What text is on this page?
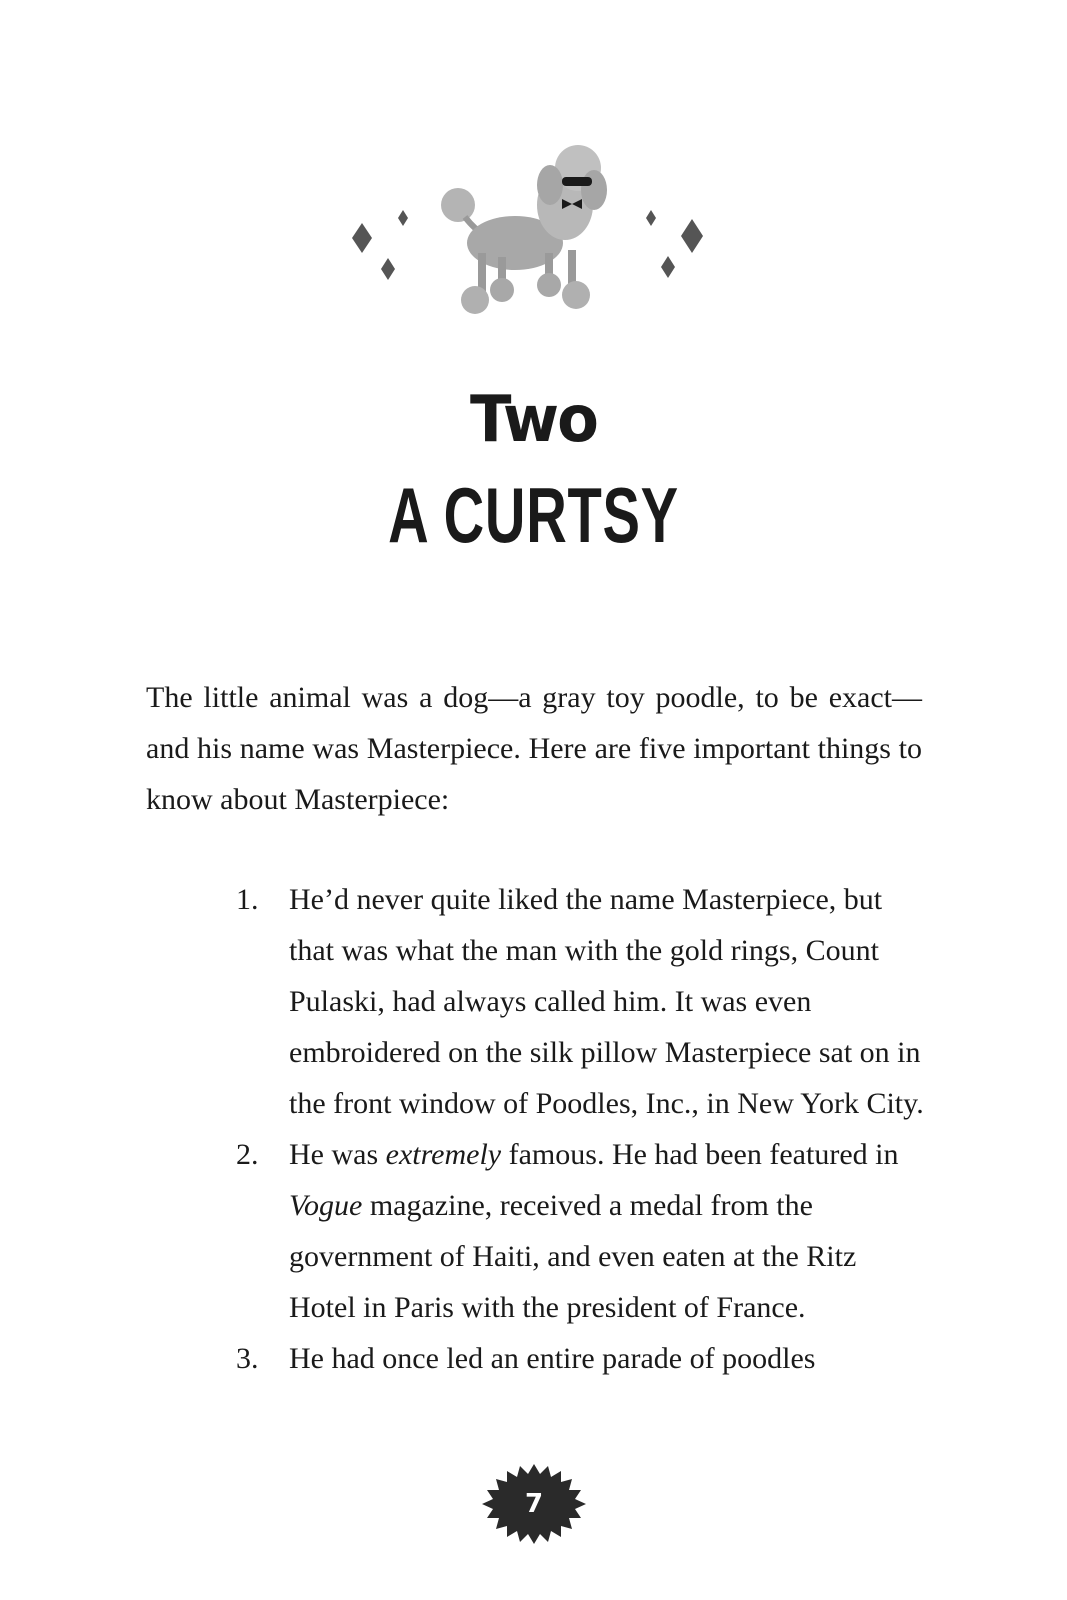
Two
A CURTSY

The little animal was a dog—a gray toy poodle, to be exact—and his name was Masterpiece. Here are five important things to know about Masterpiece:

1. He’d never quite liked the name Masterpiece, but that was what the man with the gold rings, Count Pulaski, had always called him. It was even embroidered on the silk pillow Masterpiece sat on in the front window of Poodles, Inc., in New York City.
2. He was extremely famous. He had been featured in Vogue magazine, received a medal from the government of Haiti, and even eaten at the Ritz Hotel in Paris with the president of France.
3. He had once led an entire parade of poodles
7
